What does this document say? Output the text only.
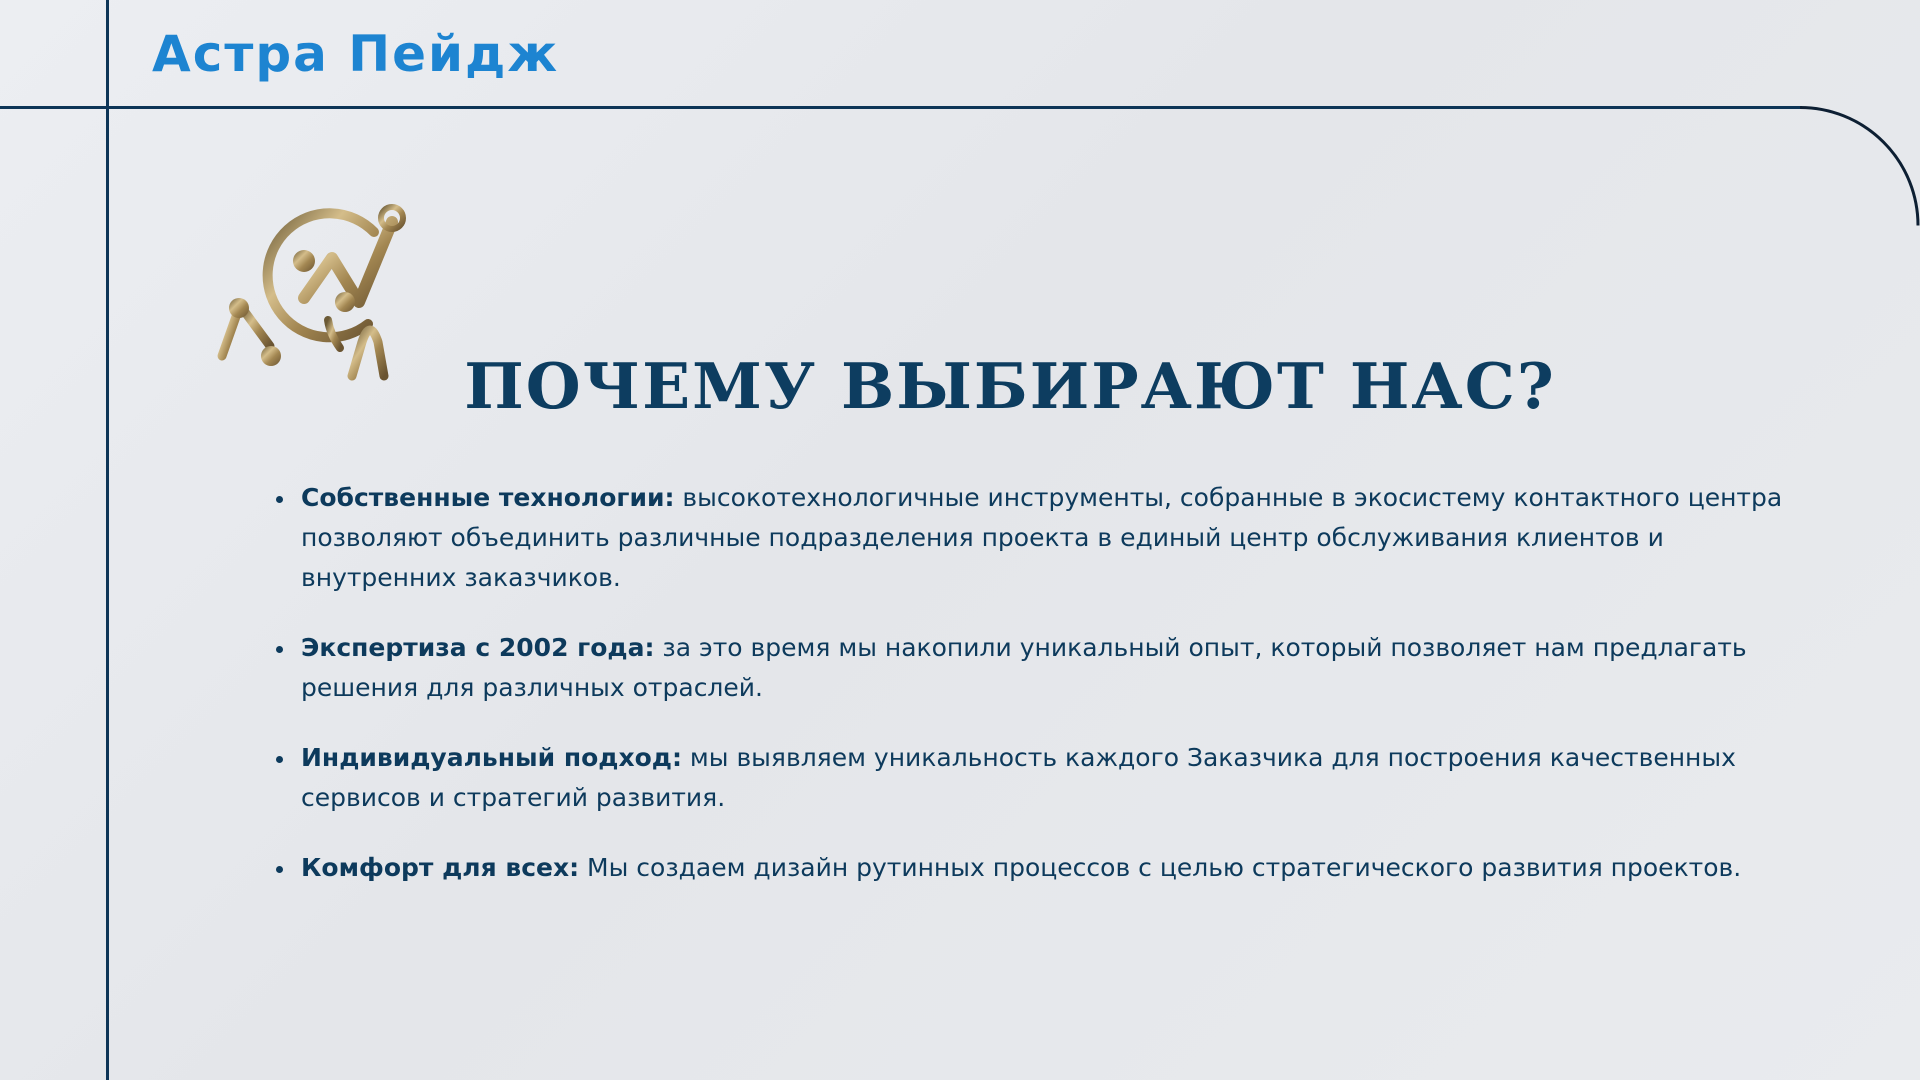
Астра Пейдж
ПОЧЕМУ ВЫБИРАЮТ НАС?
Собственные технологии: высокотехнологичные инструменты, собранные в экосистему контактного центра позволяют объединить различные подразделения проекта в единый центр обслуживания клиентов и внутренних заказчиков.
Экспертиза с 2002 года: за это время мы накопили уникальный опыт, который позволяет нам предлагать решения для различных отраслей.
Индивидуальный подход: мы выявляем уникальность каждого Заказчика для построения качественных сервисов и стратегий развития.
Комфорт для всех: Мы создаем дизайн рутинных процессов с целью стратегического развития проектов.
